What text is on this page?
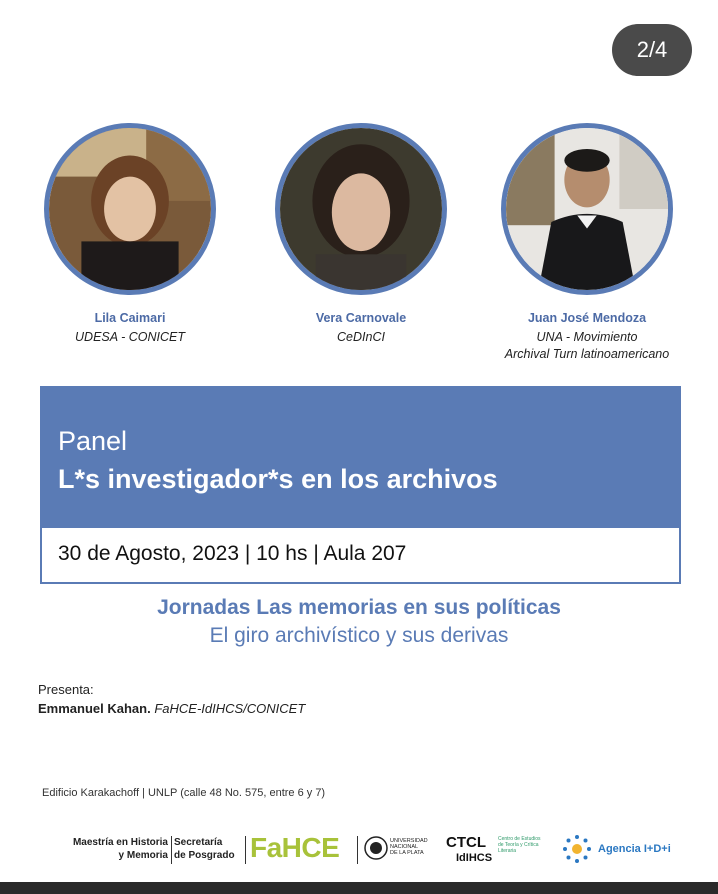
2/4
Lila Caimari
UDESA - CONICET
Vera Carnovale
CeDInCI
Juan José Mendoza
UNA - Movimiento
Archival Turn latinoamericano
Panel
L*s investigador*s en los archivos
30 de Agosto, 2023 | 10 hs | Aula 207
Jornadas Las memorias en sus políticas
El giro archivístico y sus derivas
Presenta:
Emmanuel Kahan. FaHCE-IdIHCS/CONICET
Edificio Karakachoff | UNLP (calle 48 No. 575, entre 6 y 7)
Maestría en Historia
y Memoria
Secretaría
de Posgrado FaHCE	UNIVERSIDAD
NACIONAL
DE LA PLATA
CTCL Centro de Estudios
de Teoría y Crítica
Literaria
IdIHCS
Agencia I+D+i
